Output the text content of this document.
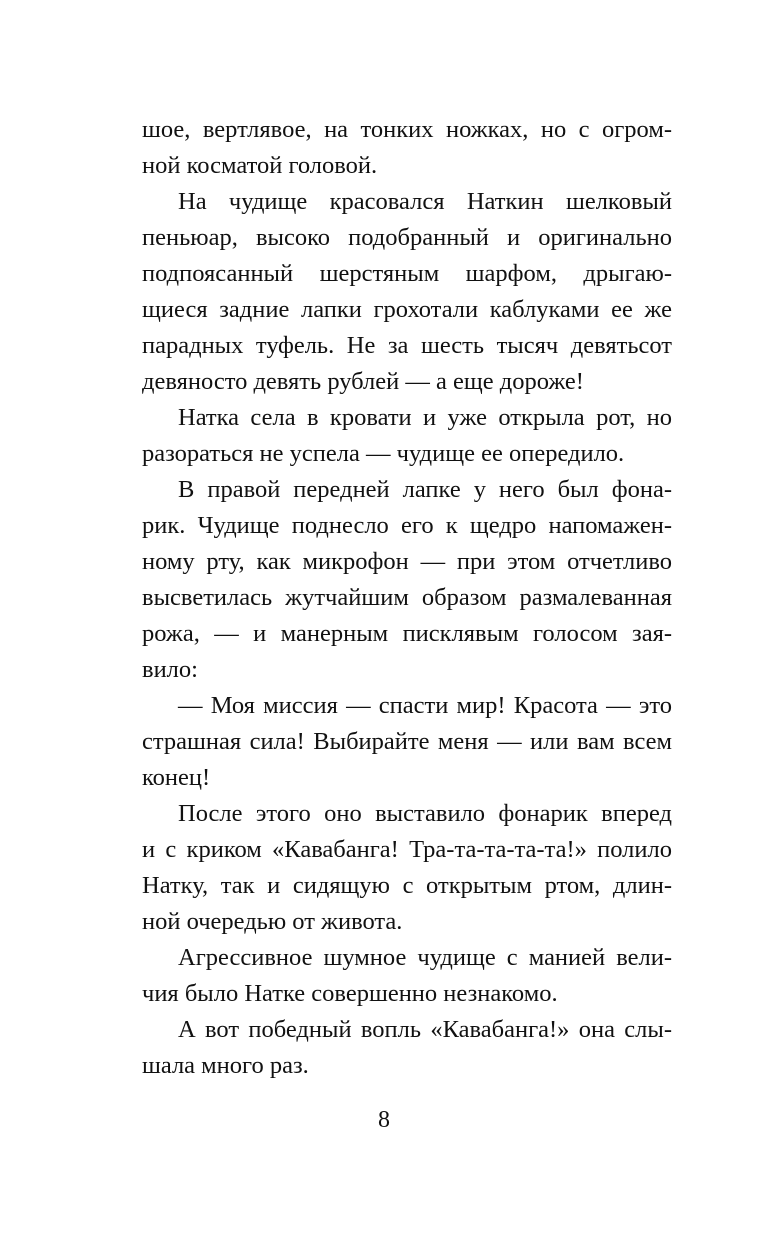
шое, вертлявое, на тонких ножках, но с огром-
ной косматой головой.
На чудище красовался Наткин шелковый
пеньюар, высоко подобранный и оригинально
подпоясанный шерстяным шарфом, дрыгаю-
щиеся задние лапки грохотали каблуками ее же
парадных туфель. Не за шесть тысяч девятьсот
девяносто девять рублей — а еще дороже!
Натка села в кровати и уже открыла рот, но
разораться не успела — чудище ее опередило.
В правой передней лапке у него был фона-
рик. Чудище поднесло его к щедро напомажен-
ному рту, как микрофон — при этом отчетливо
высветилась жутчайшим образом размалеванная
рожа, — и манерным писклявым голосом зая-
вило:
— Моя миссия — спасти мир! Красота — это
страшная сила! Выбирайте меня — или вам всем
конец!
После этого оно выставило фонарик вперед
и с криком «Кавабанга! Тра-та-та-та-та!» полило
Натку, так и сидящую с открытым ртом, длин-
ной очередью от живота.
Агрессивное шумное чудище с манией вели-
чия было Натке совершенно незнакомо.
А вот победный вопль «Кавабанга!» она слы-
шала много раз.
8
